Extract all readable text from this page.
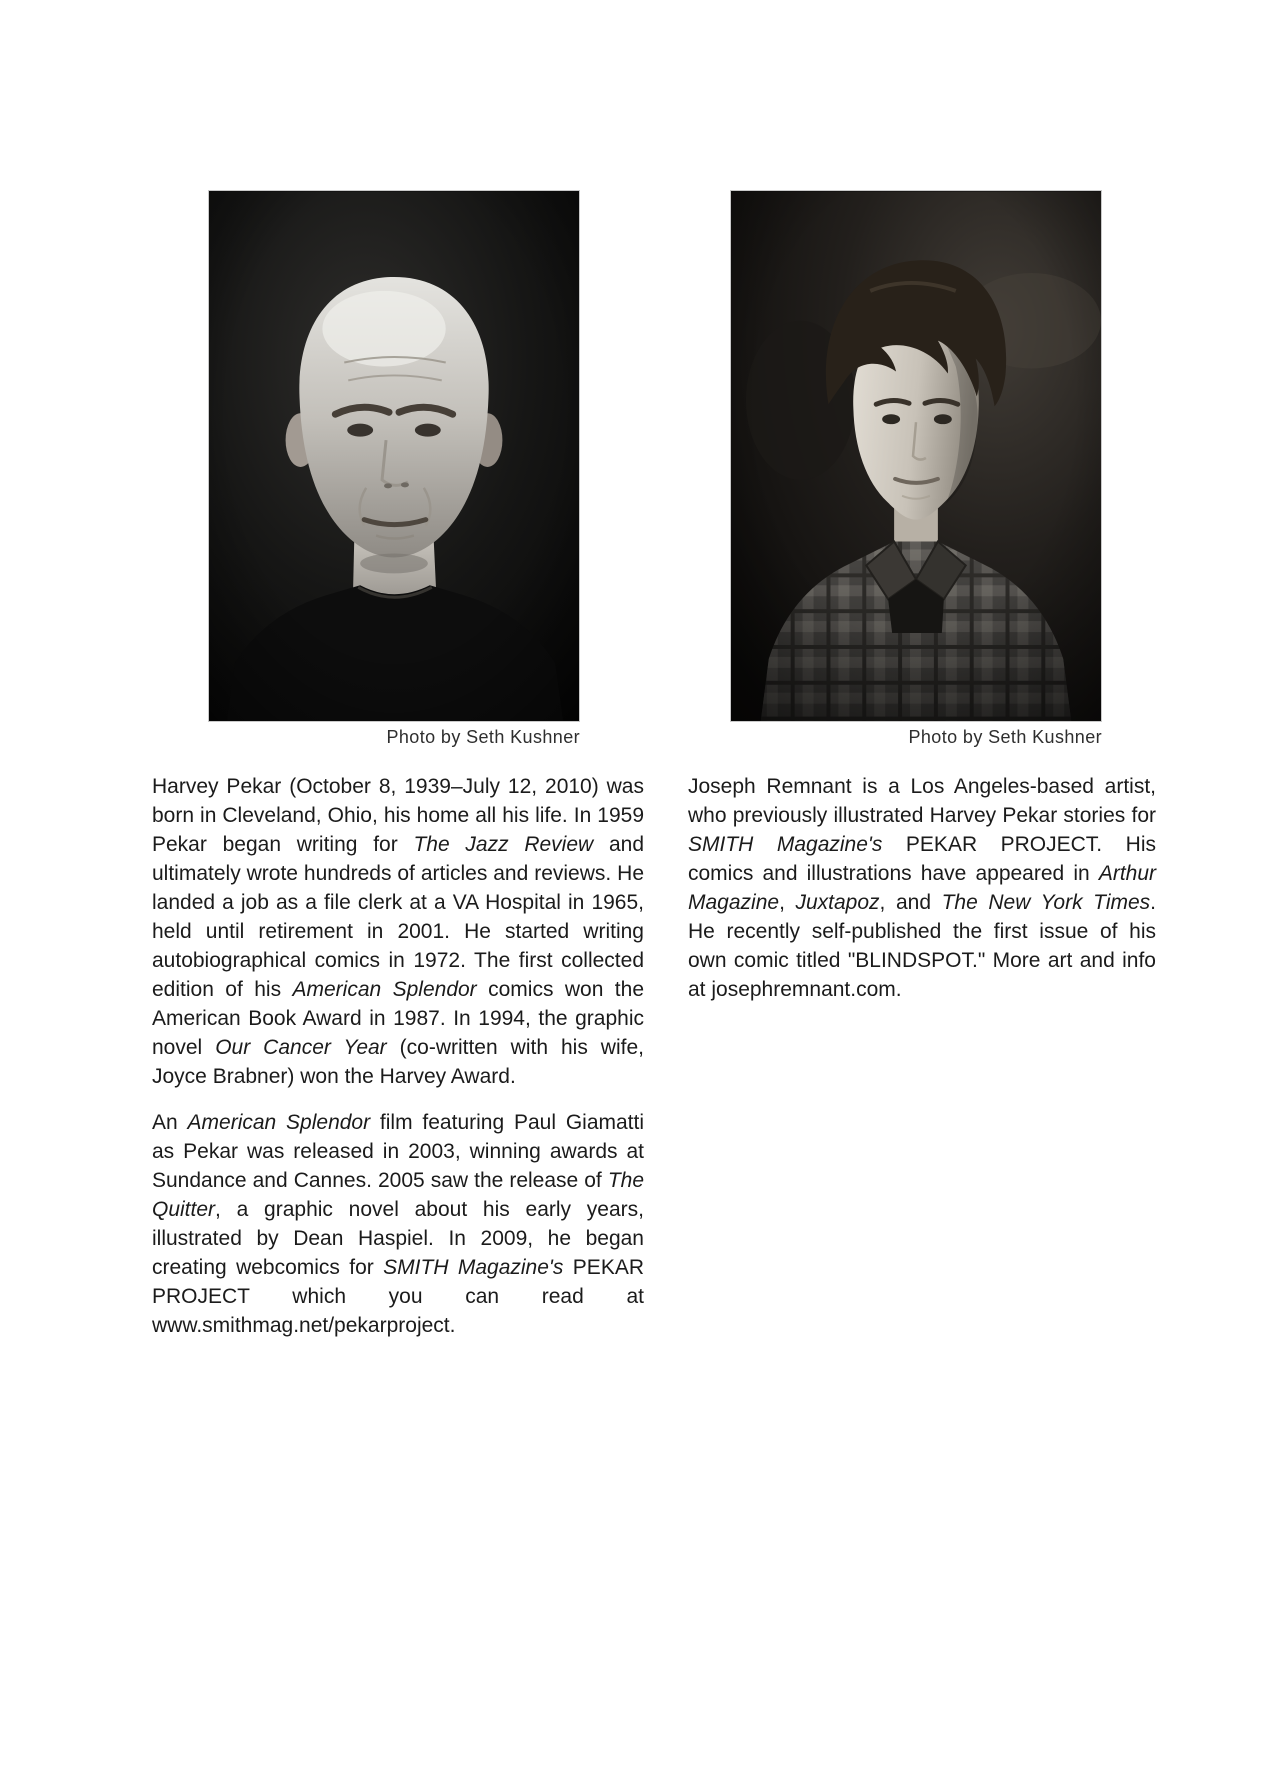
Photo by Seth Kushner	Photo by Seth Kushner

Harvey Pekar (October 8, 1939–July 12, 2010) was born in Cleveland, Ohio, his home all his life. In 1959 Pekar began writing for The Jazz Review and ultimately wrote hundreds of articles and reviews. He landed a job as a file clerk at a VA Hospital in 1965, held until retirement in 2001. He started writing autobiographical comics in 1972. The first collected edition of his American Splendor comics won the American Book Award in 1987. In 1994, the graphic novel Our Cancer Year (co-written with his wife, Joyce Brabner) won the Harvey Award.

An American Splendor film featuring Paul Giamatti as Pekar was released in 2003, winning awards at Sundance and Cannes. 2005 saw the release of The Quitter, a graphic novel about his early years, illustrated by Dean Haspiel. In 2009, he began creating webcomics for SMITH Magazine's PEKAR PROJECT which you can read at www.smithmag.net/pekarproject.

Joseph Remnant is a Los Angeles-based artist, who previously illustrated Harvey Pekar stories for SMITH Magazine's PEKAR PROJECT. His comics and illustrations have appeared in Arthur Magazine, Juxtapoz, and The New York Times. He recently self-published the first issue of his own comic titled "BLINDSPOT." More art and info at josephremnant.com.
